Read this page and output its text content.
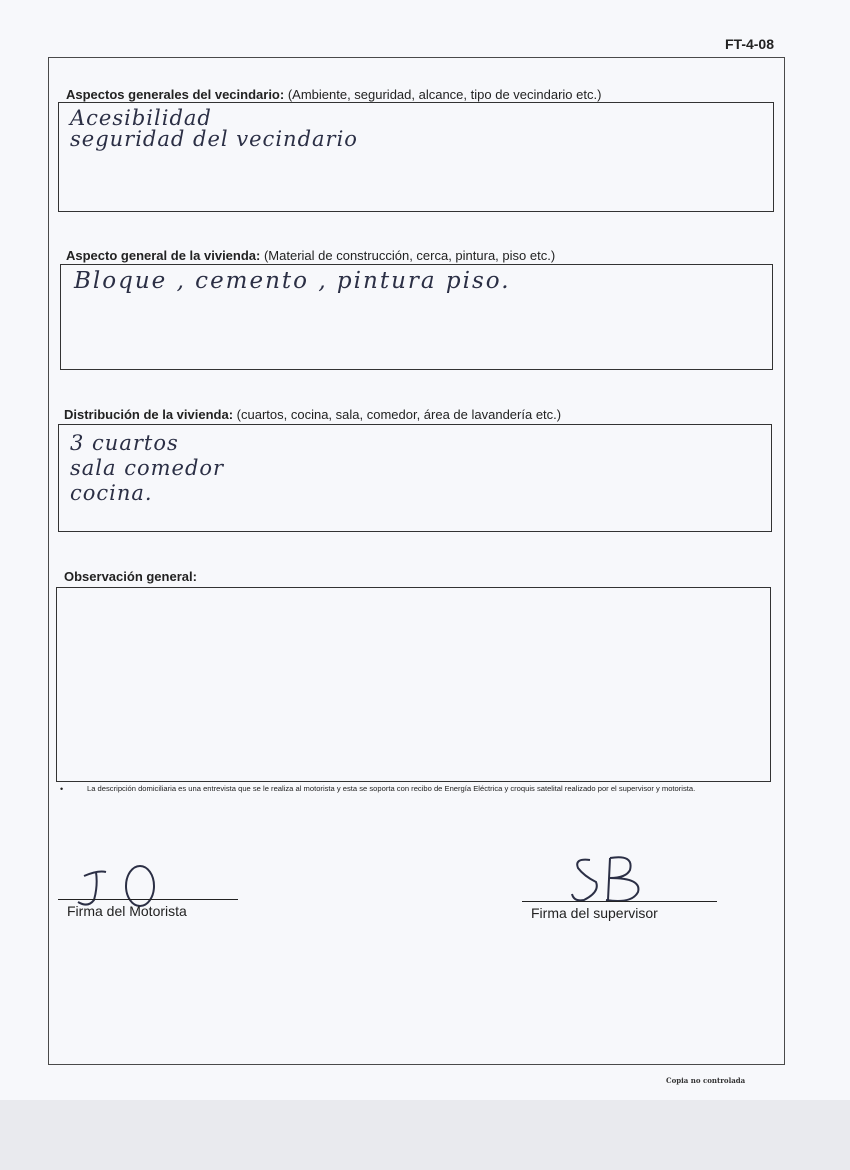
FT-4-08
Aspectos generales del vecindario: (Ambiente, seguridad, alcance, tipo de vecindario etc.)
Acesibilidad
seguridad del vecindario
Aspecto general de la vivienda: (Material de construcción, cerca, pintura, piso etc.)
Bloque , cemento , pintura piso.
Distribución de la vivienda: (cuartos, cocina, sala, comedor, área de lavandería etc.)
3 cuartos
sala comedor
cocina.
Observación general:
•	La descripción domiciliaria es una entrevista que se le realiza al motorista y esta se soporta con recibo de Energía Eléctrica y croquis satelital realizado por el supervisor y motorista.
Firma del Motorista	Firma del supervisor
Copia no controlada
